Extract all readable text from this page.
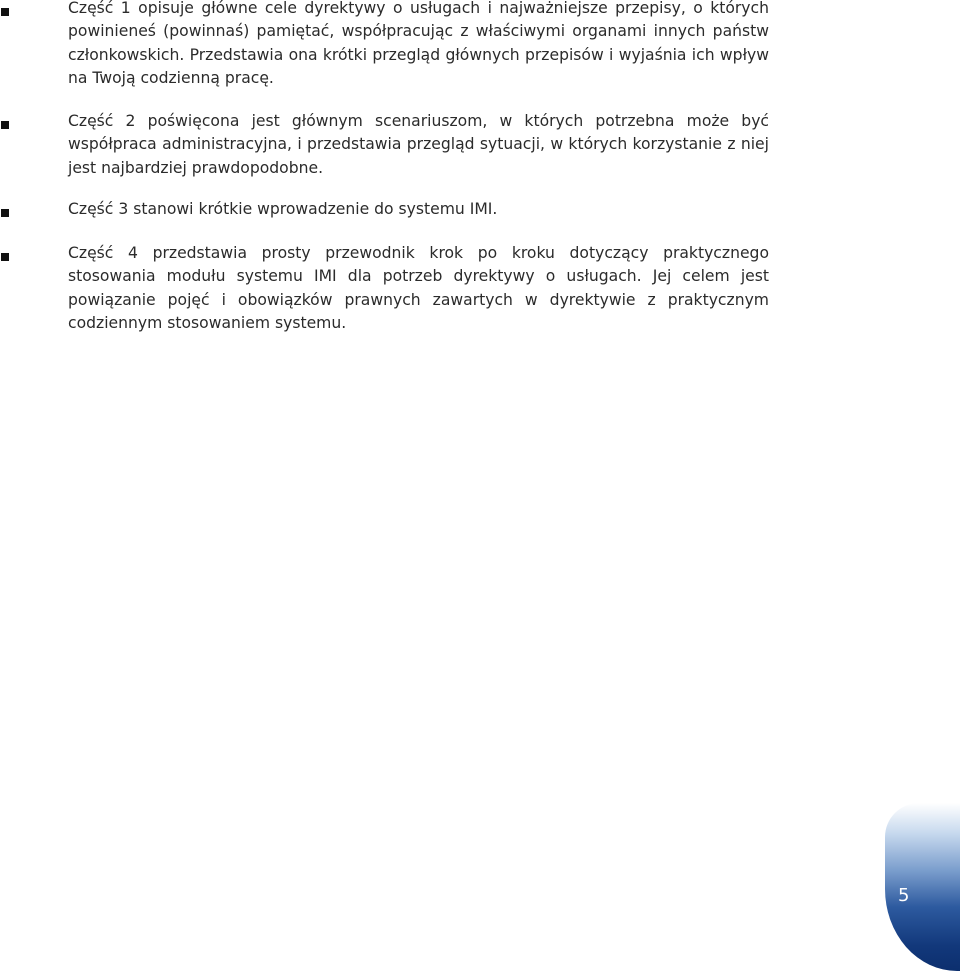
Część 1 opisuje główne cele dyrektywy o usługach i najważniejsze przepisy, o których powinieneś (powinnaś) pamiętać, współpracując z właściwymi organami innych państw członkowskich. Przedstawia ona krótki przegląd głównych przepisów i wyjaśnia ich wpływ na Twoją codzienną pracę.

Część 2 poświęcona jest głównym scenariuszom, w których potrzebna może być współpraca administracyjna, i przedstawia przegląd sytuacji, w których korzystanie z niej jest najbardziej prawdopodobne.

Część 3 stanowi krótkie wprowadzenie do systemu IMI.

Część 4 przedstawia prosty przewodnik krok po kroku dotyczący praktycznego stosowania modułu systemu IMI dla potrzeb dyrektywy o usługach. Jej celem jest powiązanie pojęć i obowiązków prawnych zawartych w dyrektywie z praktycznym codziennym stosowaniem systemu.

5
